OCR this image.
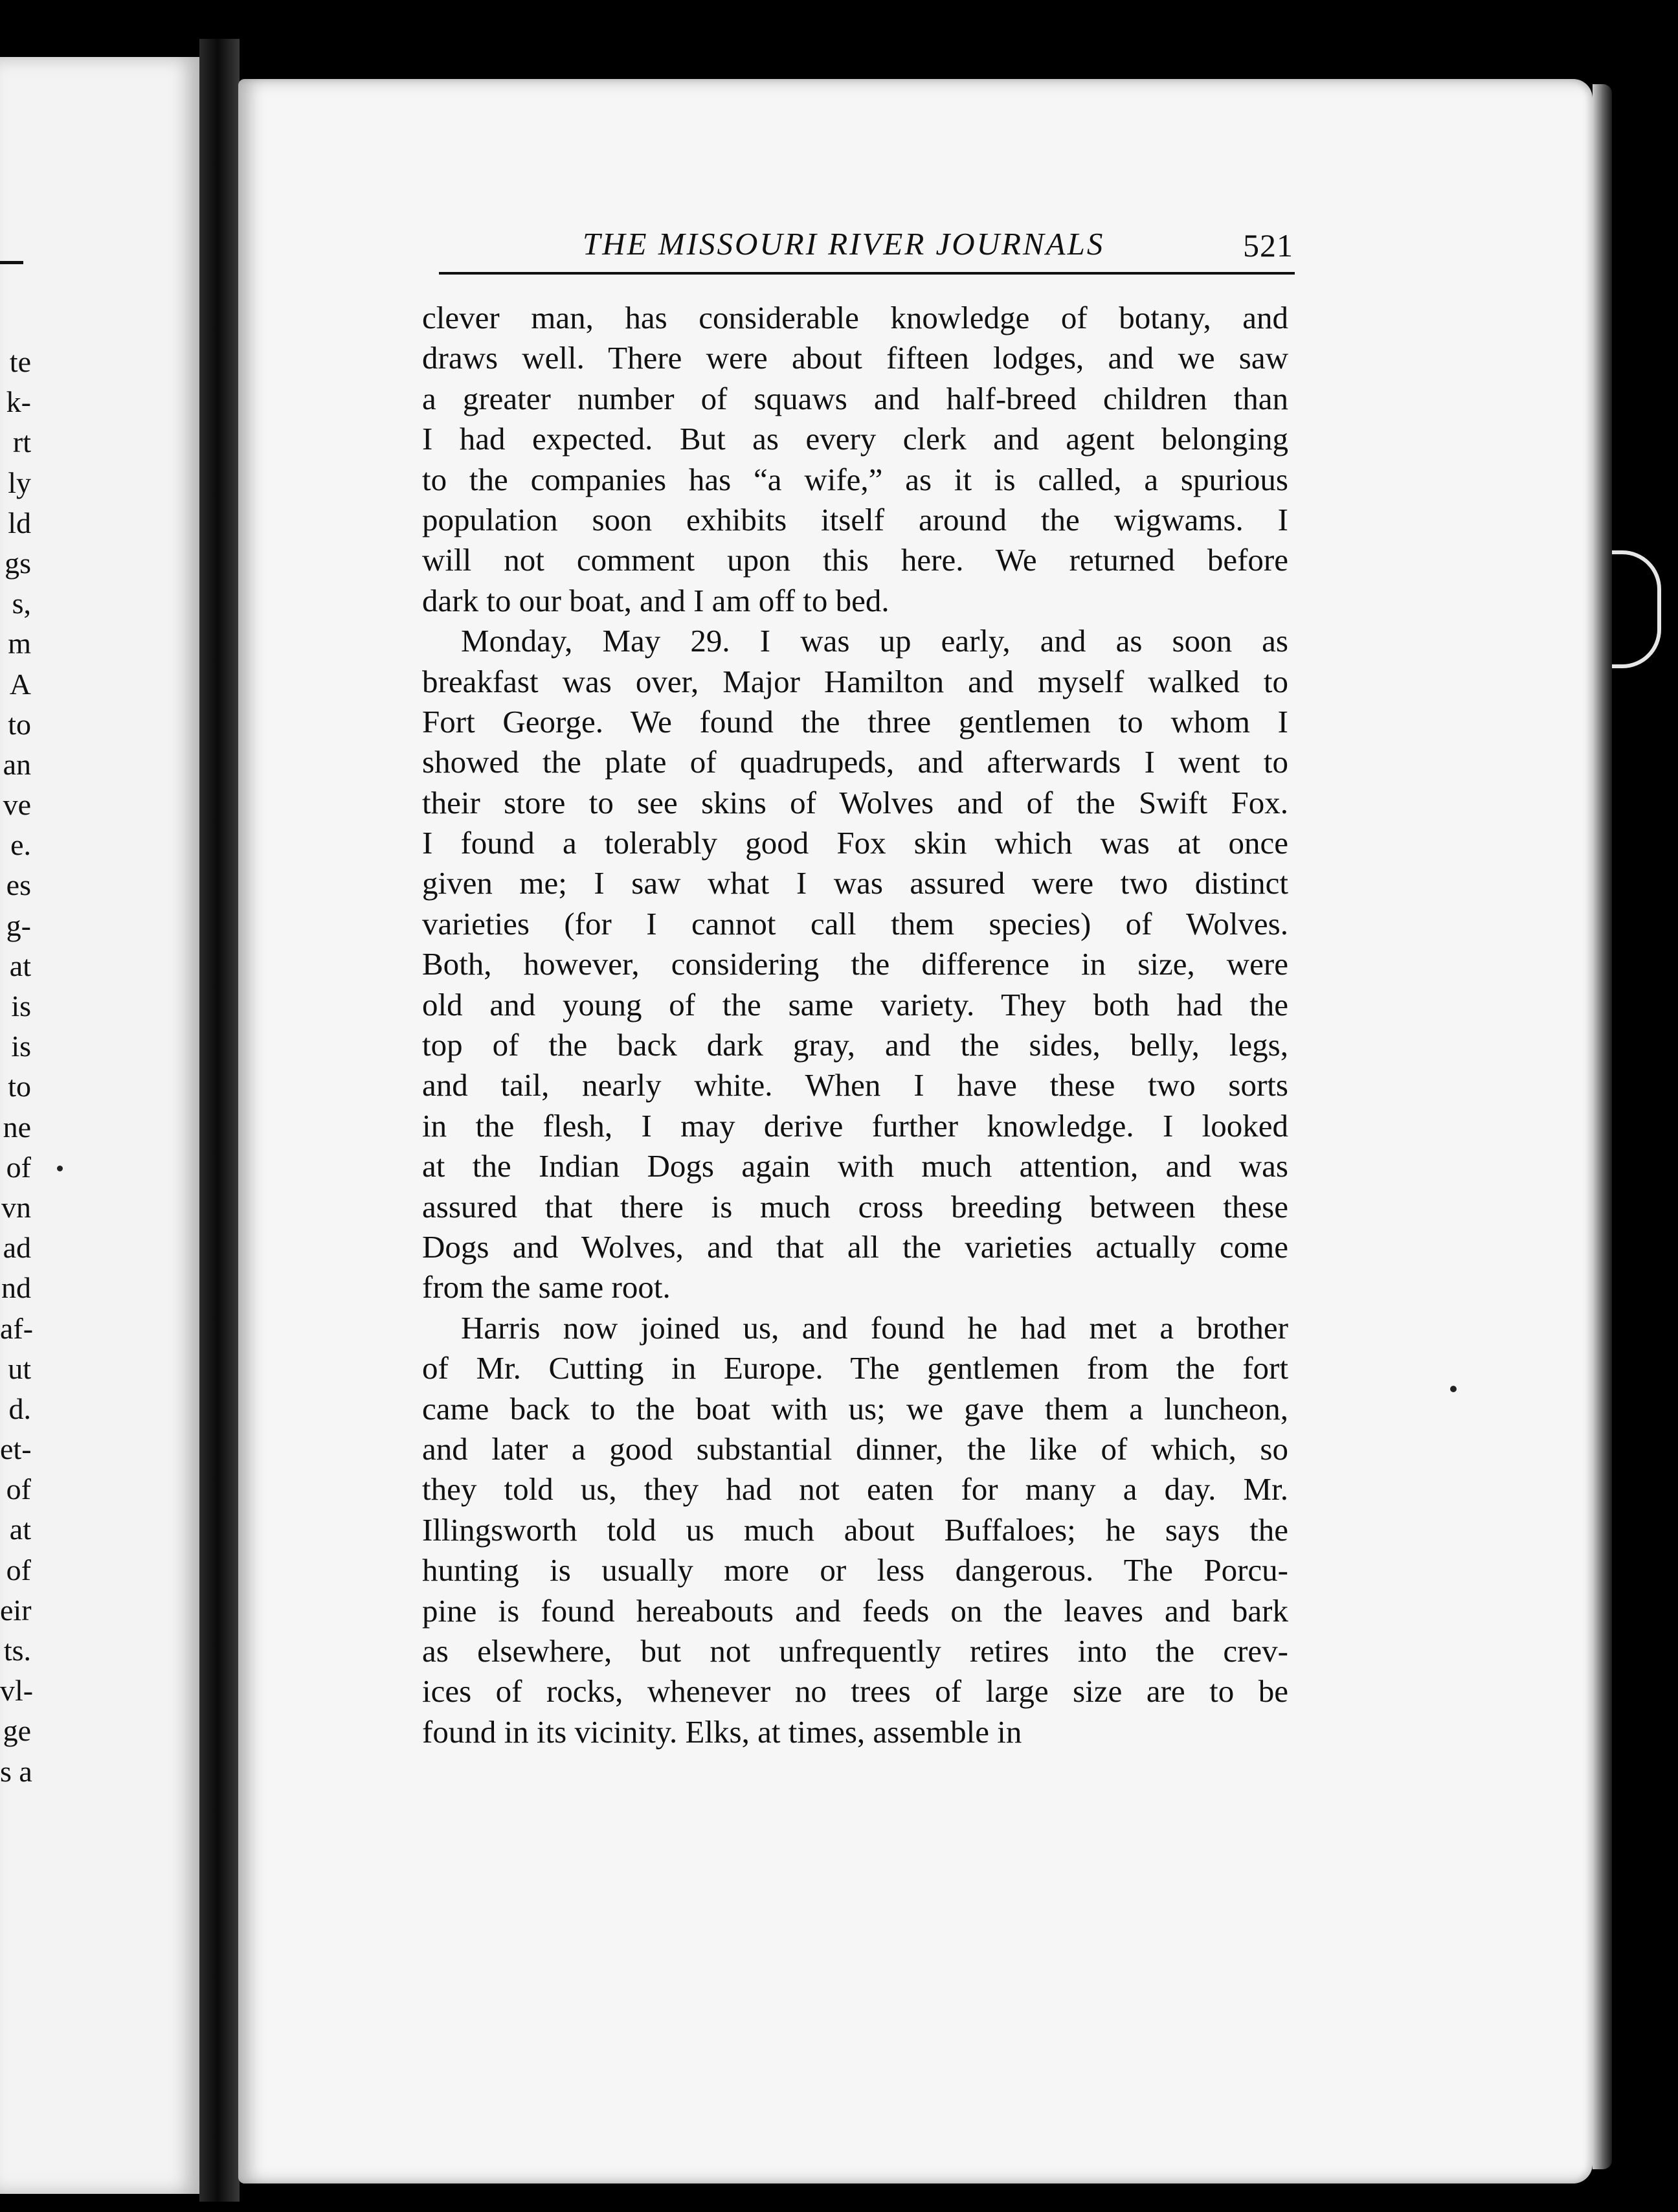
te
k-
rt
ly
ld
gs
s,
m
A
to
an
ve
e.
es
g-
at
is
is
to
ne
of
vn
ad
nd
af-
ut
d.
et-
of
at
of
eir
ts.
vl-
ge
s a
THE MISSOURI RIVER JOURNALS	521
clever man, has considerable knowledge of botany, and
draws well. There were about fifteen lodges, and we saw
a greater number of squaws and half-breed children than
I had expected. But as every clerk and agent belonging
to the companies has “a wife,” as it is called, a spurious
population soon exhibits itself around the wigwams. I
will not comment upon this here. We returned before
dark to our boat, and I am off to bed.
Monday, May 29. I was up early, and as soon as
breakfast was over, Major Hamilton and myself walked to
Fort George. We found the three gentlemen to whom I
showed the plate of quadrupeds, and afterwards I went to
their store to see skins of Wolves and of the Swift Fox.
I found a tolerably good Fox skin which was at once
given me; I saw what I was assured were two distinct
varieties (for I cannot call them species) of Wolves.
Both, however, considering the difference in size, were
old and young of the same variety. They both had the
top of the back dark gray, and the sides, belly, legs,
and tail, nearly white. When I have these two sorts
in the flesh, I may derive further knowledge. I looked
at the Indian Dogs again with much attention, and was
assured that there is much cross breeding between these
Dogs and Wolves, and that all the varieties actually come
from the same root.
Harris now joined us, and found he had met a brother
of Mr. Cutting in Europe. The gentlemen from the fort
came back to the boat with us; we gave them a luncheon,
and later a good substantial dinner, the like of which, so
they told us, they had not eaten for many a day. Mr.
Illingsworth told us much about Buffaloes; he says the
hunting is usually more or less dangerous. The Porcu-
pine is found hereabouts and feeds on the leaves and bark
as elsewhere, but not unfrequently retires into the crev-
ices of rocks, whenever no trees of large size are to be
found in its vicinity. Elks, at times, assemble in
